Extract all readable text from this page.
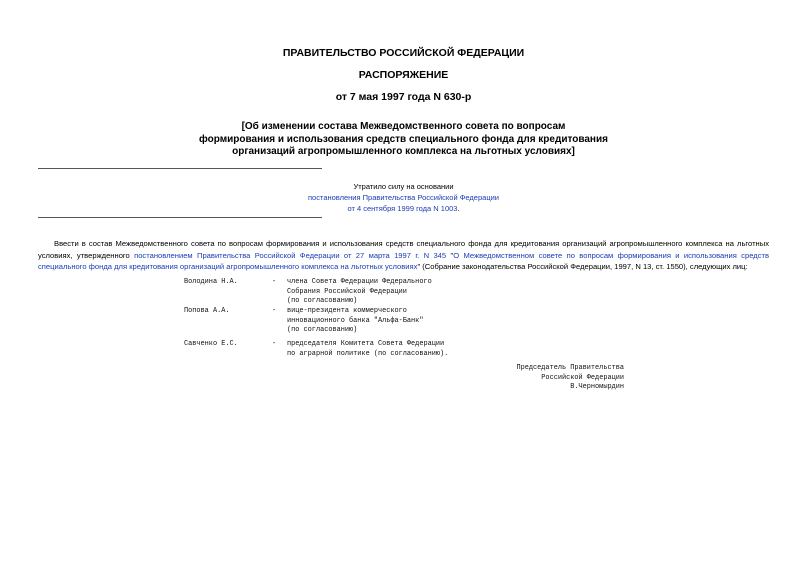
ПРАВИТЕЛЬСТВО РОССИЙСКОЙ ФЕДЕРАЦИИ
РАСПОРЯЖЕНИЕ
от 7 мая 1997 года N 630-р
[Об изменении состава Межведомственного совета по вопросам
формирования и использования средств специального фонда для кредитования
организаций агропромышленного комплекса на льготных условиях]
Утратило силу на основании
постановления Правительства Российской Федерации
от 4 сентября 1999 года N 1003.
Ввести в состав Межведомственного совета по вопросам формирования и использования средств специального фонда для кредитования организаций агропромышленного комплекса на льготных условиях, утвержденного постановлением Правительства Российской Федерации от 27 марта 1997 г. N 345 "О Межведомственном совете по вопросам формирования и использования средств специального фонда для кредитования организаций агропромышленного комплекса на льготных условиях" (Собрание законодательства Российской Федерации, 1997, N 13, ст. 1550), следующих лиц:
Володина Н.А.	- члена Совета Федерации Федерального
Собрания Российской Федерации
(по согласованию)
Попова А.А.	- вице-президента коммерческого
инновационного банка "Альфа-Банк"
(по согласованию)
Савченко Е.С.	- председателя Комитета Совета Федерации
по аграрной политике (по согласованию).
Председатель Правительства
Российской Федерации
В.Черномырдин
